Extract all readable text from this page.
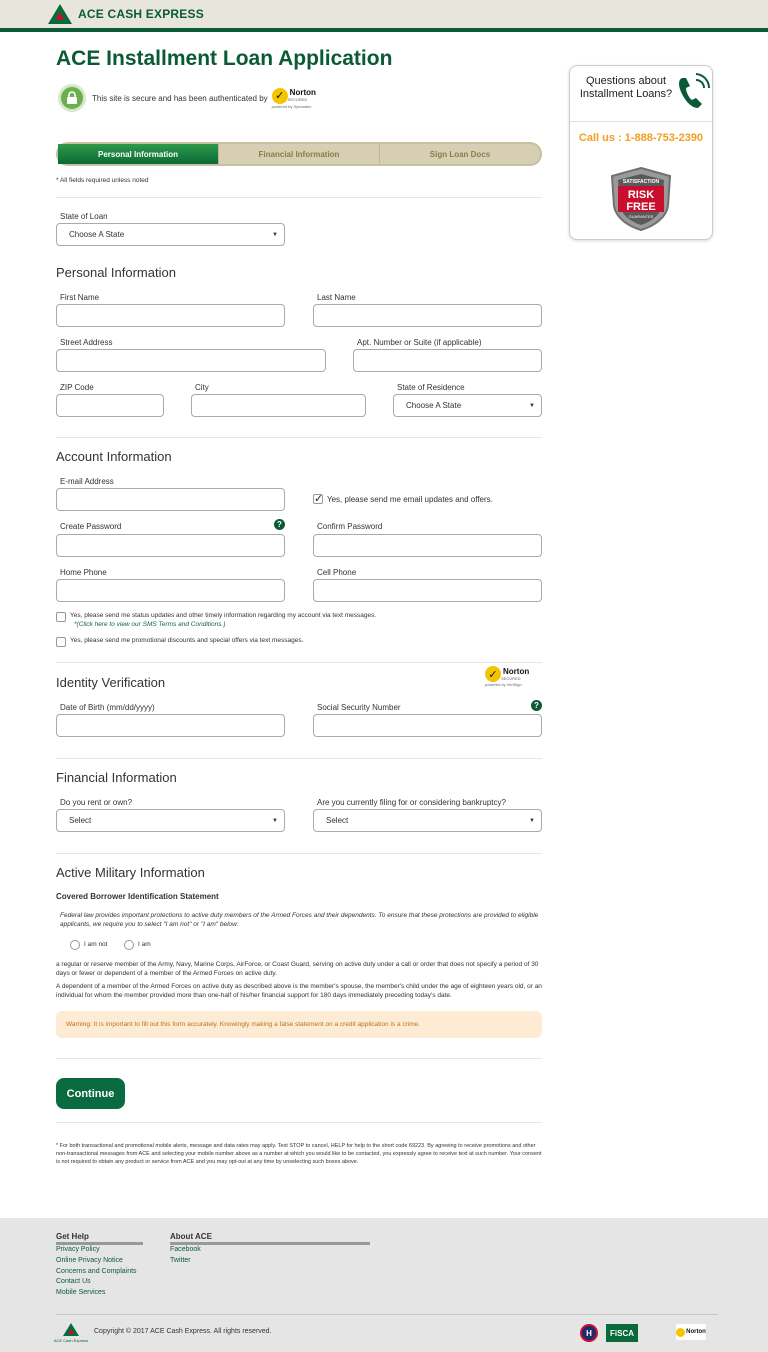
ACE CASH EXPRESS
ACE Installment Loan Application
This site is secure and has been authenticated by ✓ Norton
SECURED
powered by Symantec
Personal Information	Financial Information	Sign Loan Docs
* All fields required unless noted
State of Loan
Choose A State	▼
Personal Information
First Name	Last Name
Street Address	Apt. Number or Suite (if applicable)
ZIP Code	City	State of Residence
Choose A State	▼
Account Information
E-mail Address
✓
Yes, please send me email updates and offers.
Create Password	?	Confirm Password
Home Phone	Cell Phone
Yes, please send me status updates and other timely information regarding my account via text messages.
*(Click here to view our SMS Terms and Conditions.)
Yes, please send me promotional discounts and special offers via text messages.
Identity Verification
✓ Norton
SECURED
powered by VeriSign
Date of Birth (mm/dd/yyyy)	Social Security Number	?
Financial Information
Do you rent or own?
Select	▼
Are you currently filing for or considering bankruptcy?
Select	▼
Active Military Information
Covered Borrower Identification Statement
Federal law provides important protections to active duty members of the Armed Forces and their dependents. To ensure that these protections are provided to eligible applicants, we require you to select "I am not" or "I am" below:
I am not	I am
a regular or reserve member of the Army, Navy, Marine Corps, AirForce, or Coast Guard, serving on active duty under a call or order that does not specify a period of 30 days or fewer or dependent of a member of the Armed Forces on active duty.
A dependent of a member of the Armed Forces on active duty as described above is the member's spouse, the member's child under the age of eighteen years old, or an individual for whom the member provided more than one-half of his/her financial support for 180 days immediately preceding today's date.
Warning:
It is important to fill out this form accurately. Knowingly making a false statement on a credit application is a crime.
Continue
* For both transactional and promotional mobile alerts, message and data rates may apply. Text STOP to cancel, HELP for help to the short code 69223. By agreeing to receive promotions and other non-transactional messages from ACE and selecting your mobile number above as a number at which you would like to be contacted, you expressly agree to receive text at such number. Your consent is not required to obtain any product or service from ACE and you may opt-out at any time by unselecting such boxes above.
Questions about Installment Loans?
Call us : 1-888-753-2390
SATISFACTION
RISK
FREE
GUARANTEE
Get Help
Privacy Policy
Online Privacy Notice
Concerns and Complaints
Contact Us
Mobile Services
About ACE
Facebook
Twitter
ACE Cash Express
Copyright © 2017 ACE Cash Express. All rights reserved.	H	FiSCA	Norton
